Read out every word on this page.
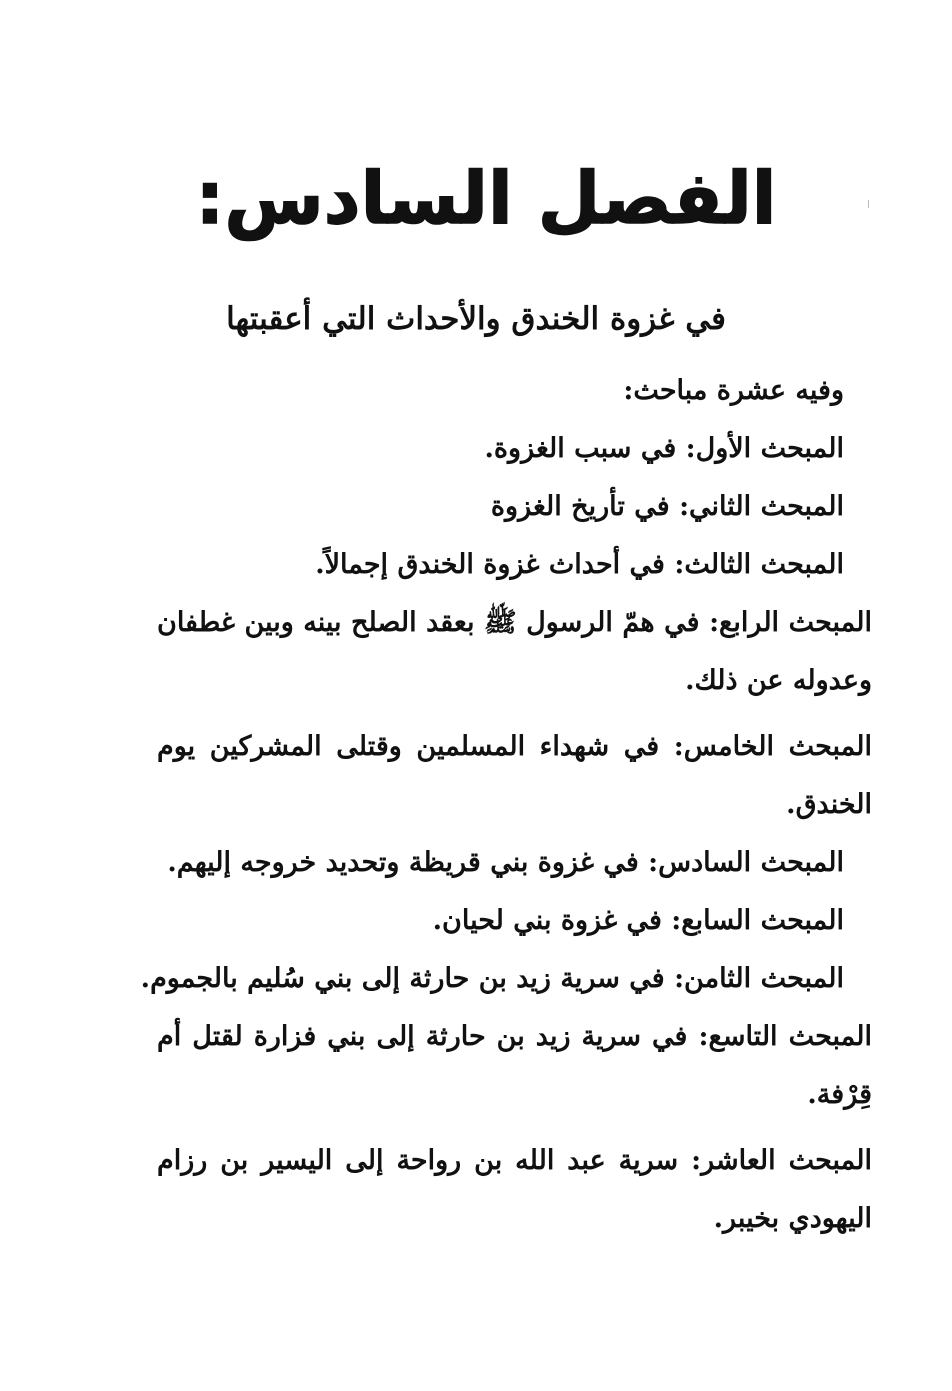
الفصل السادس:
في غزوة الخندق والأحداث التي أعقبتها
وفيه عشرة مباحث:
المبحث الأول: في سبب الغزوة.
المبحث الثاني: في تأريخ الغزوة
المبحث الثالث: في أحداث غزوة الخندق إجمالاً.
المبحث الرابع: في همّ الرسول ﷺ بعقد الصلح بينه وبين غطفان وعدوله عن ذلك.
المبحث الخامس: في شهداء المسلمين وقتلى المشركين يوم الخندق.
المبحث السادس: في غزوة بني قريظة وتحديد خروجه إليهم.
المبحث السابع: في غزوة بني لحيان.
المبحث الثامن: في سرية زيد بن حارثة إلى بني سُليم بالجموم.
المبحث التاسع: في سرية زيد بن حارثة إلى بني فزارة لقتل أم قِرْفة.
المبحث العاشر: سرية عبد الله بن رواحة إلى اليسير بن رزام اليهودي بخيبر.
